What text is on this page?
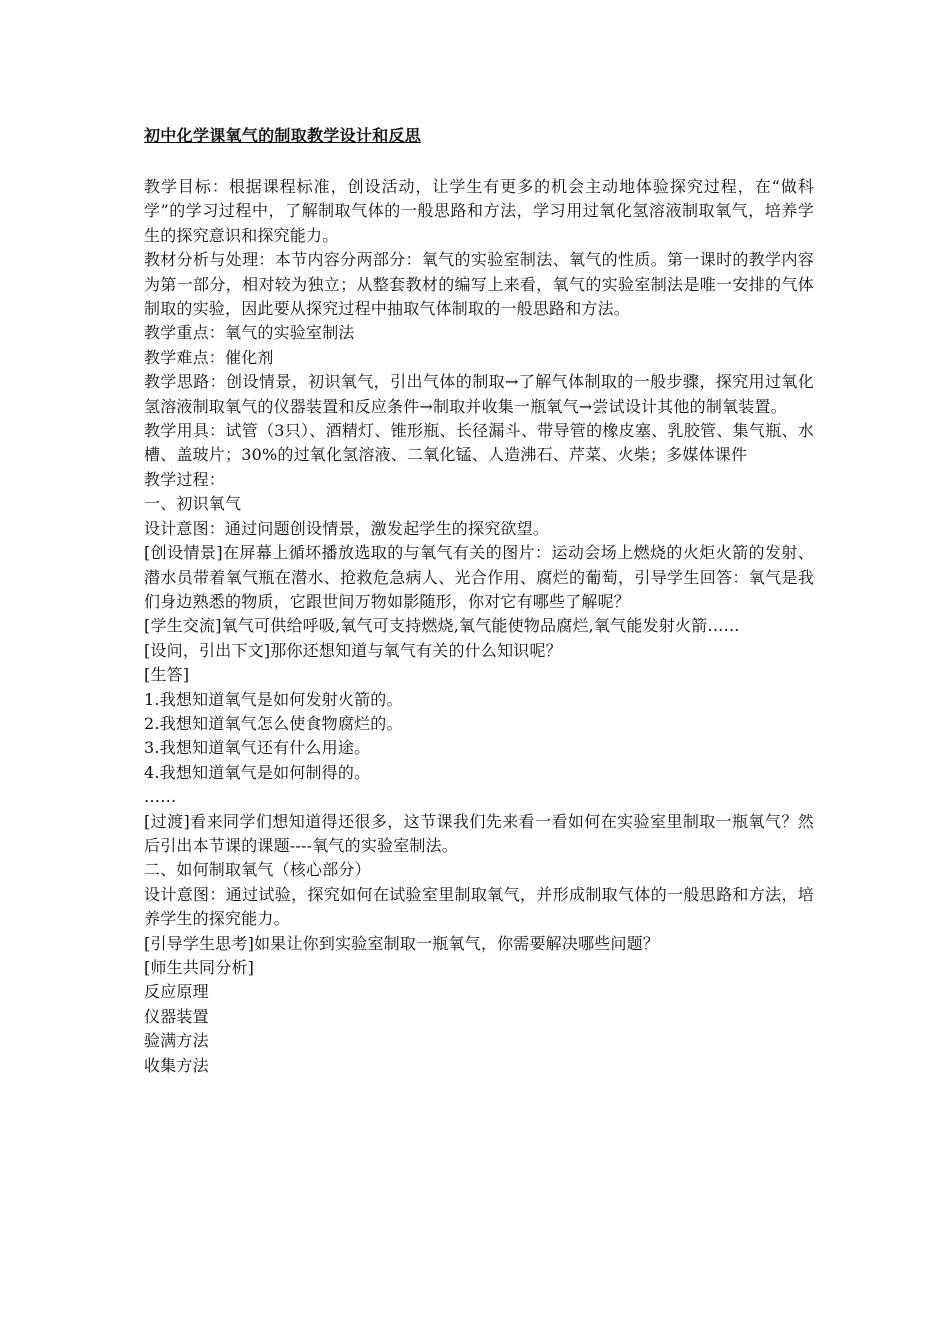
初中化学课氧气的制取教学设计和反思

教学目标：根据课程标准，创设活动，让学生有更多的机会主动地体验探究过程，在“做科学”的学习过程中，了解制取气体的一般思路和方法，学习用过氧化氢溶液制取氧气，培养学生的探究意识和探究能力。

教材分析与处理：本节内容分两部分：氧气的实验室制法、氧气的性质。第一课时的教学内容为第一部分，相对较为独立；从整套教材的编写上来看，氧气的实验室制法是唯一安排的气体制取的实验，因此要从探究过程中抽取气体制取的一般思路和方法。

教学重点：氧气的实验室制法

教学难点：催化剂

教学思路：创设情景，初识氧气，引出气体的制取→了解气体制取的一般步骤，探究用过氧化氢溶液制取氧气的仪器装置和反应条件→制取并收集一瓶氧气→尝试设计其他的制氧装置。

教学用具：试管（3只）、酒精灯、锥形瓶、长径漏斗、带导管的橡皮塞、乳胶管、集气瓶、水槽、盖玻片；30%的过氧化氢溶液、二氧化锰、人造沸石、芹菜、火柴；多媒体课件

教学过程：

一、初识氧气

设计意图：通过问题创设情景，激发起学生的探究欲望。

[创设情景]在屏幕上循坏播放选取的与氧气有关的图片：运动会场上燃烧的火炬火箭的发射、潜水员带着氧气瓶在潜水、抢救危急病人、光合作用、腐烂的葡萄，引导学生回答：氧气是我们身边熟悉的物质，它跟世间万物如影随形，你对它有哪些了解呢？

[学生交流]氧气可供给呼吸,氧气可支持燃烧,氧气能使物品腐烂,氧气能发射火箭……

[设问，引出下文]那你还想知道与氧气有关的什么知识呢？

[生答]

1.我想知道氧气是如何发射火箭的。

2.我想知道氧气怎么使食物腐烂的。

3.我想知道氧气还有什么用途。

4.我想知道氧气是如何制得的。

……

[过渡]看来同学们想知道得还很多，这节课我们先来看一看如何在实验室里制取一瓶氧气？然后引出本节课的课题----氧气的实验室制法。

二、如何制取氧气（核心部分）

设计意图：通过试验，探究如何在试验室里制取氧气，并形成制取气体的一般思路和方法，培养学生的探究能力。

[引导学生思考]如果让你到实验室制取一瓶氧气，你需要解决哪些问题？

[师生共同分析]

反应原理

仪器装置

验满方法

收集方法
